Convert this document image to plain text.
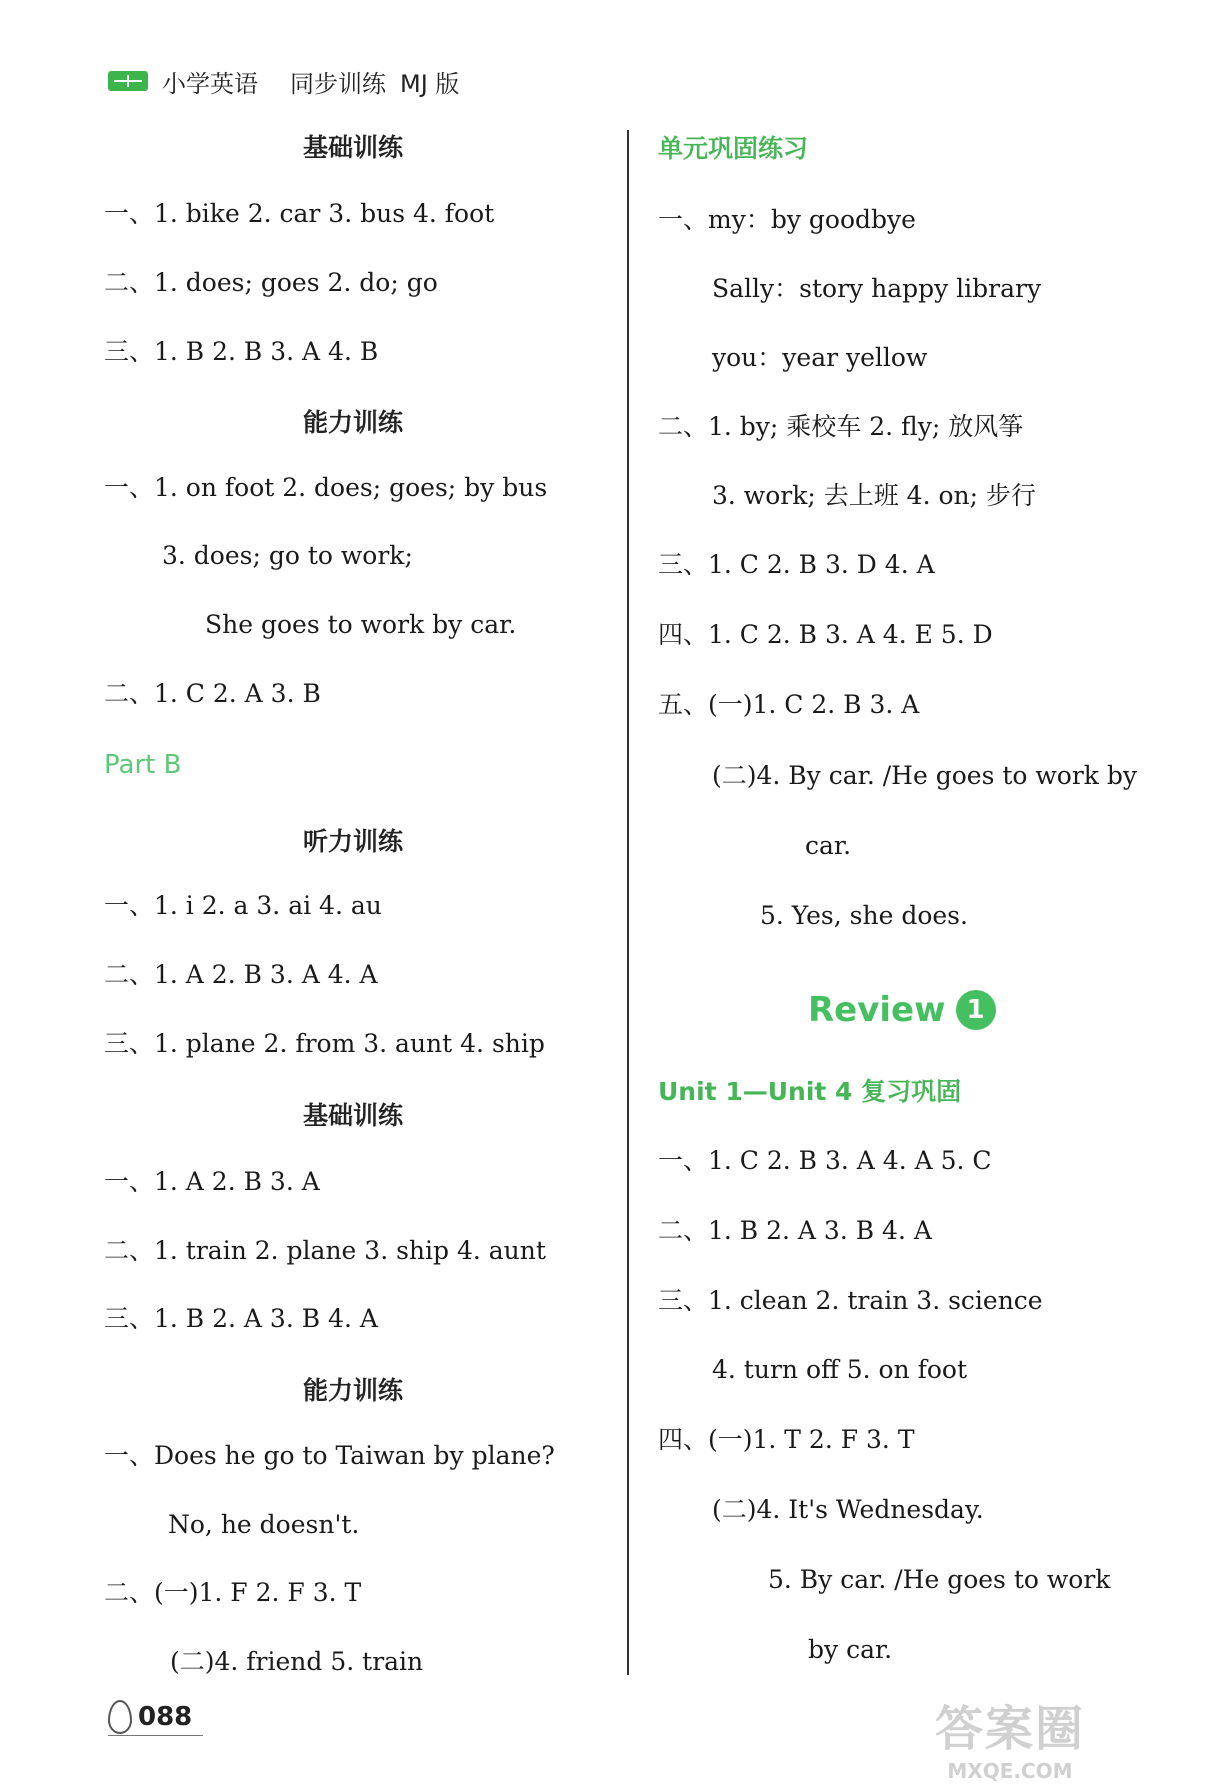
小学英语 同步训练 MJ 版
基础训练
一、1. bike 2. car 3. bus 4. foot
二、1. does; goes 2. do; go
三、1. B 2. B 3. A 4. B
能力训练
一、1. on foot 2. does; goes; by bus
3. does; go to work;
She goes to work by car.
二、1. C 2. A 3. B
Part B
听力训练
一、1. i 2. a 3. ai 4. au
二、1. A 2. B 3. A 4. A
三、1. plane 2. from 3. aunt 4. ship
基础训练
一、1. A 2. B 3. A
二、1. train 2. plane 3. ship 4. aunt
三、1. B 2. A 3. B 4. A
能力训练
一、Does he go to Taiwan by plane?
No, he doesn't.
二、(一)1. F 2. F 3. T
(二)4. friend 5. train
单元巩固练习
一、my：by goodbye
Sally：story happy library
you：year yellow
二、1. by; 乘校车 2. fly; 放风筝
3. work; 去上班 4. on; 步行
三、1. C 2. B 3. D 4. A
四、1. C 2. B 3. A 4. E 5. D
五、(一)1. C 2. B 3. A
(二)4. By car. /He goes to work by
car.
5. Yes, she does.
Review 1
Unit 1—Unit 4 复习巩固
一、1. C 2. B 3. A 4. A 5. C
二、1. B 2. A 3. B 4. A
三、1. clean 2. train 3. science
4. turn off 5. on foot
四、(一)1. T 2. F 3. T
(二)4. It's Wednesday.
5. By car. /He goes to work
by car.
088	答案圈
MXQE.COM
